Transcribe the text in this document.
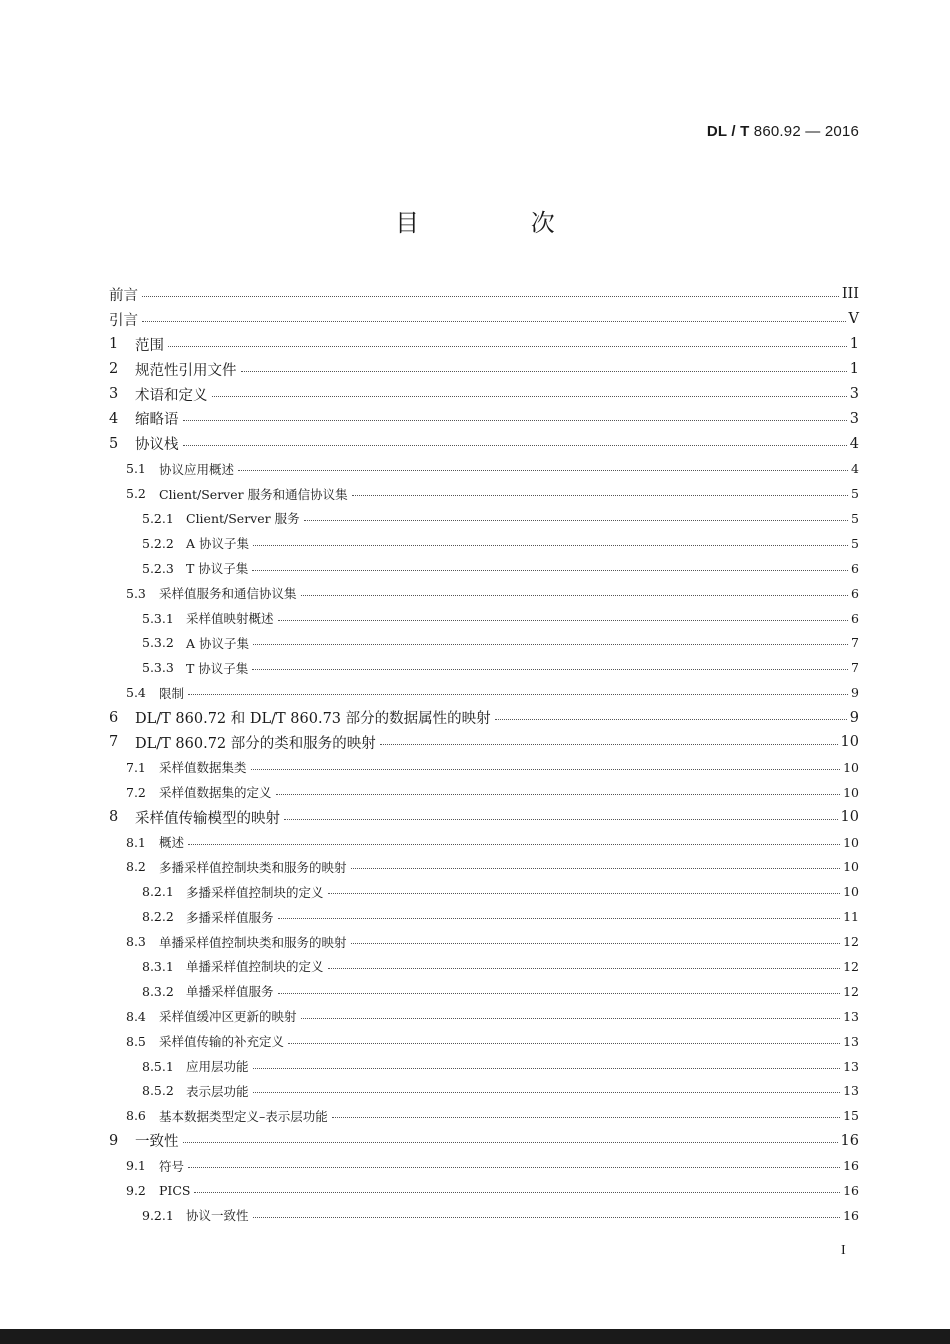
DL / T 860.92 — 2016
目 次
前言	III
引言	V
1	范围	1
2	规范性引用文件	1
3	术语和定义	3
4	缩略语	3
5	协议栈	4
5.1	协议应用概述	4
5.2	Client/Server 服务和通信协议集	5
5.2.1 Client/Server 服务	5
5.2.2 A 协议子集	5
5.2.3 T 协议子集	6
5.3	采样值服务和通信协议集	6
5.3.1 采样值映射概述	6
5.3.2 A 协议子集	7
5.3.3 T 协议子集	7
5.4	限制	9
6	DL/T 860.72 和 DL/T 860.73 部分的数据属性的映射	9
7	DL/T 860.72 部分的类和服务的映射	10
7.1	采样值数据集类	10
7.2	采样值数据集的定义	10
8	采样值传输模型的映射	10
8.1	概述	10
8.2	多播采样值控制块类和服务的映射	10
8.2.1 多播采样值控制块的定义	10
8.2.2 多播采样值服务	11
8.3	单播采样值控制块类和服务的映射	12
8.3.1 单播采样值控制块的定义	12
8.3.2 单播采样值服务	12
8.4	采样值缓冲区更新的映射	13
8.5	采样值传输的补充定义	13
8.5.1 应用层功能	13
8.5.2 表示层功能	13
8.6	基本数据类型定义–表示层功能	15
9	一致性	16
9.1	符号	16
9.2	PICS	16
9.2.1 协议一致性	16
I
